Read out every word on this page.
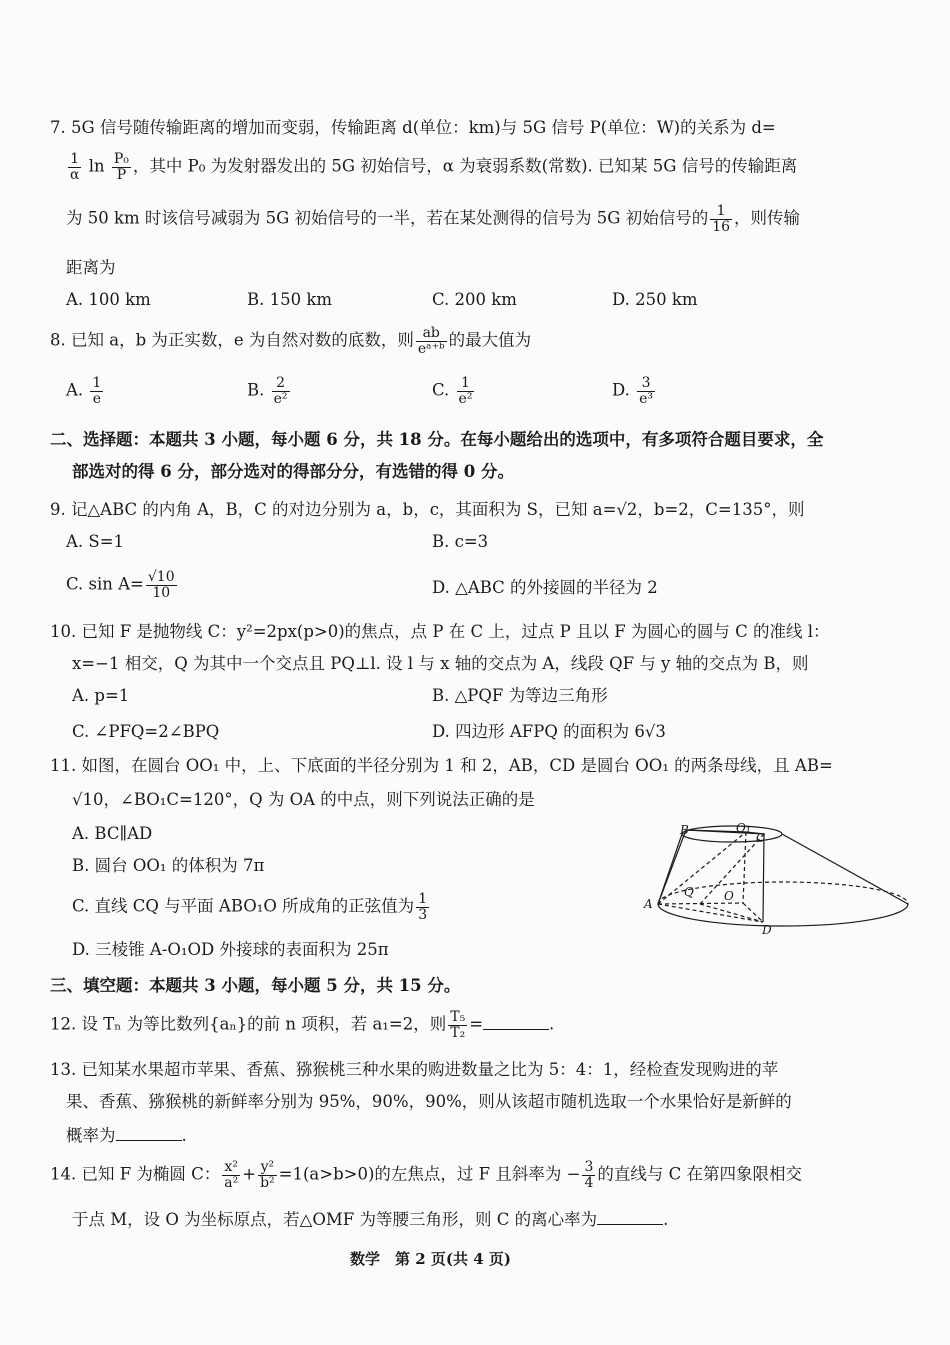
7. 5G 信号随传输距离的增加而变弱，传输距离 d(单位：km)与 5G 信号 P(单位：W)的关系为 d=
$\frac{1}{\alpha}$ $\ln \frac{\text{P₀}}{P}$ ，其中 P₀ 为发射器发出的 5G 初始信号，α 为衰弱系数(常数). 已知某 5G 信号的传输距离
为 50 km 时该信号减弱为 5G 初始信号的一半，若在某处测得的信号为 5G 初始信号的 $\frac{1}{16}$ ，则传输
距离为
A. 100 km	B. 150 km	C. 200 km	D. 250 km
8. 已知 a，b 为正实数，e 为自然对数的底数，则 $\frac{ab}{\text{eᵃ⁺ᵇ}}$ 的最大值为
A. $\frac{1}{e}$	B. $\frac{2}{\text{e²}}$	C. $\frac{1}{\text{e²}}$	D. $\frac{3}{\text{e³}}$
二、选择题：本题共 3 小题，每小题 6 分，共 18 分。在每小题给出的选项中，有多项符合题目要求，全
部选对的得 6 分，部分选对的得部分分，有选错的得 0 分。
9. 记△ABC 的内角 A，B，C 的对边分别为 a，b，c，其面积为 S，已知 a=√2，b=2，C=135°，则
A. S=1	B. c=3
C. $\sin A= \frac{√10}{10}$	D. △ABC 的外接圆的半径为 2
10. 已知 F 是抛物线 C：y²=2px(p>0)的焦点，点 P 在 C 上，过点 P 且以 F 为圆心的圆与 C 的准线 l：
x=−1 相交，Q 为其中一个交点且 PQ⊥l. 设 l 与 x 轴的交点为 A，线段 QF 与 y 轴的交点为 B，则
A. p=1	B. △PQF 为等边三角形
C. ∠PFQ=2∠BPQ	D. 四边形 AFPQ 的面积为 6√3
11. 如图，在圆台 OO₁ 中，上、下底面的半径分别为 1 和 2，AB，CD 是圆台 OO₁ 的两条母线，且 AB=
√10，∠BO₁C=120°，Q 为 OA 的中点，则下列说法正确的是
A. BC∥AD
B. 圆台 OO₁ 的体积为 7π
C. 直线 CQ 与平面 ABO₁O 所成角的正弦值为 $\frac{1}{3}$
D. 三棱锥 A-O₁OD 外接球的表面积为 25π
B	O₁
C
Q	O
A
D
三、填空题：本题共 3 小题，每小题 5 分，共 15 分。
12. 设 Tₙ 为等比数列{aₙ}的前 n 项积，若 a₁=2，则 $\frac{\text{T₅}}{\text{T₂}}$ =	.
13. 已知某水果超市苹果、香蕉、猕猴桃三种水果的购进数量之比为 5：4：1，经检查发现购进的苹
果、香蕉、猕猴桃的新鲜率分别为 95%，90%，90%，则从该超市随机选取一个水果恰好是新鲜的
概率为	.
14. 已知 F 为椭圆 C： $\frac{\text{x²}}{\text{a²}} + \frac{\text{y²}}{\text{b²}} =1(a>b>0)$的左焦点，过 F 且斜率为 − $\frac{3}{4}$ 的直线与 C 在第四象限相交
于点 M，设 O 为坐标原点，若△OMF 为等腰三角形，则 C 的离心率为	.
数学　第 2 页(共 4 页)
